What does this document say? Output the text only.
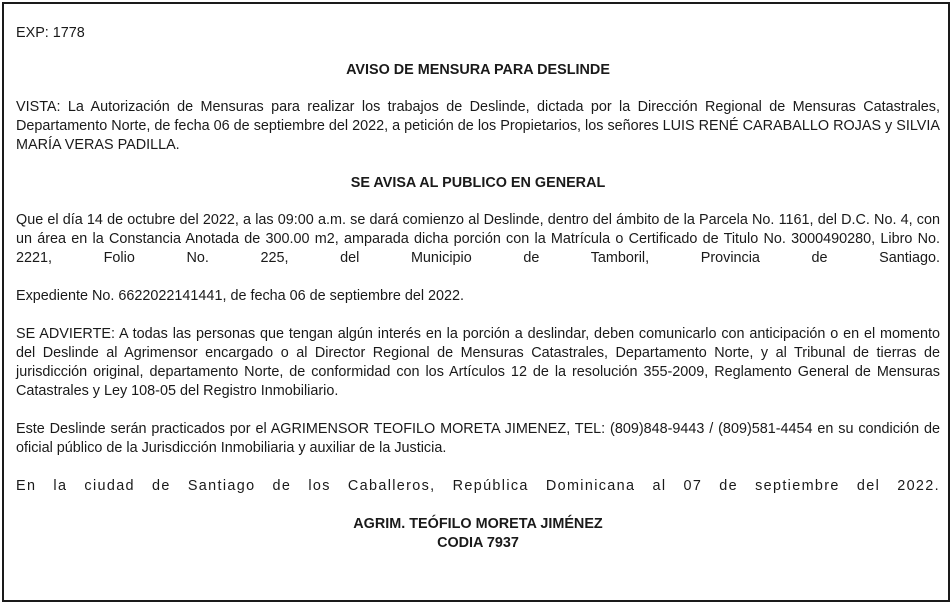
EXP: 1778

AVISO DE MENSURA PARA DESLINDE

VISTA: La Autorización de Mensuras para realizar los trabajos de Deslinde, dictada por la Dirección Regional de Mensuras Catastrales, Departamento Norte, de fecha 06 de septiembre del 2022, a petición de los Propietarios, los señores LUIS RENÉ CARABALLO ROJAS y SILVIA MARÍA VERAS PADILLA.

SE AVISA AL PUBLICO EN GENERAL

Que el día 14 de octubre del 2022, a las 09:00 a.m. se dará comienzo al Deslinde, dentro del ámbito de la Parcela No. 1161, del D.C. No. 4, con un área en la Constancia Anotada de 300.00 m2, amparada dicha porción con la Matrícula o Certificado de Titulo No. 3000490280, Libro No. 2221, Folio No. 225, del Municipio de Tamboril, Provincia de Santiago.

Expediente No. 6622022141441, de fecha 06 de septiembre del 2022.

SE ADVIERTE: A todas las personas que tengan algún interés en la porción a deslindar, deben comunicarlo con anticipación o en el momento del Deslinde al Agrimensor encargado o al Director Regional de Mensuras Catastrales, Departamento Norte, y al Tribunal de tierras de jurisdicción original, departamento Norte, de conformidad con los Artículos 12 de la resolución 355-2009, Reglamento General de Mensuras Catastrales y Ley 108-05 del Registro Inmobiliario.

Este Deslinde serán practicados por el AGRIMENSOR TEOFILO MORETA JIMENEZ, TEL: (809)848-9443 / (809)581-4454 en su condición de oficial público de la Jurisdicción Inmobiliaria y auxiliar de la Justicia.

En la ciudad de Santiago de los Caballeros, República Dominicana al 07 de septiembre del 2022.

AGRIM. TEÓFILO MORETA JIMÉNEZ

CODIA 7937
